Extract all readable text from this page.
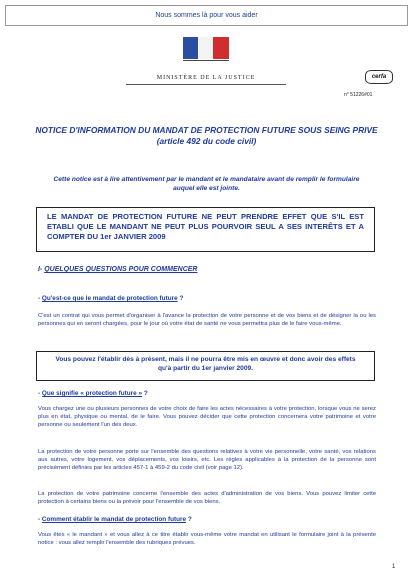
Nous sommes là pour vous aider
MINISTÈRE DE LA JUSTICE	cerfa
n° 51226#01
NOTICE D'INFORMATION DU MANDAT DE PROTECTION FUTURE SOUS SEING PRIVE
(article 492 du code civil)
Cette notice est à lire attentivement par le mandant et le mandataire avant de remplir le formulaire auquel elle est jointe.
LE MANDAT DE PROTECTION FUTURE NE PEUT PRENDRE EFFET QUE S'IL EST ETABLI QUE LE MANDANT NE PEUT PLUS POURVOIR SEUL A SES INTERÊTS ET A COMPTER DU 1er JANVIER 2009
I- QUELQUES QUESTIONS POUR COMMENCER
- Qu'est-ce que le mandat de protection future ?
C'est un contrat qui vous permet d'organiser à l'avance la protection de votre personne et de vos biens et de désigner la ou les personnes qui en seront chargées, pour le jour où votre état de santé ne vous permettra plus de le faire vous-même.
Vous pouvez l'établir dès à présent, mais il ne pourra être mis en œuvre et donc avoir des effets qu'à partir du 1er janvier 2009.
- Que signifie « protection future » ?
Vous chargez une ou plusieurs personnes de votre choix de faire les actes nécessaires à votre protection, lorsque vous ne serez plus en état, physique ou mental, de le faire. Vous pouvez décider que cette protection concernera votre patrimoine et votre personne ou seulement l'un des deux.
La protection de votre personne porte sur l'ensemble des questions relatives à votre vie personnelle, votre santé, vos relations aux autres, votre logement, vos déplacements, vos loisirs, etc. Les règles applicables à la protection de la personne sont précisément définies par les articles 457-1 à 459-2 du code civil (voir page 12).
La protection de votre patrimoine concerne l'ensemble des actes d'administration de vos biens. Vous pouvez limiter cette protection à certains biens ou la prévoir pour l'ensemble de vos biens.
- Comment établir le mandat de protection future ?
Vous êtes « le mandant » et vous allez à ce titre établir vous-même votre mandat en utilisant le formulaire joint à la présente notice : vous allez remplir l'ensemble des rubriques prévues.
1
